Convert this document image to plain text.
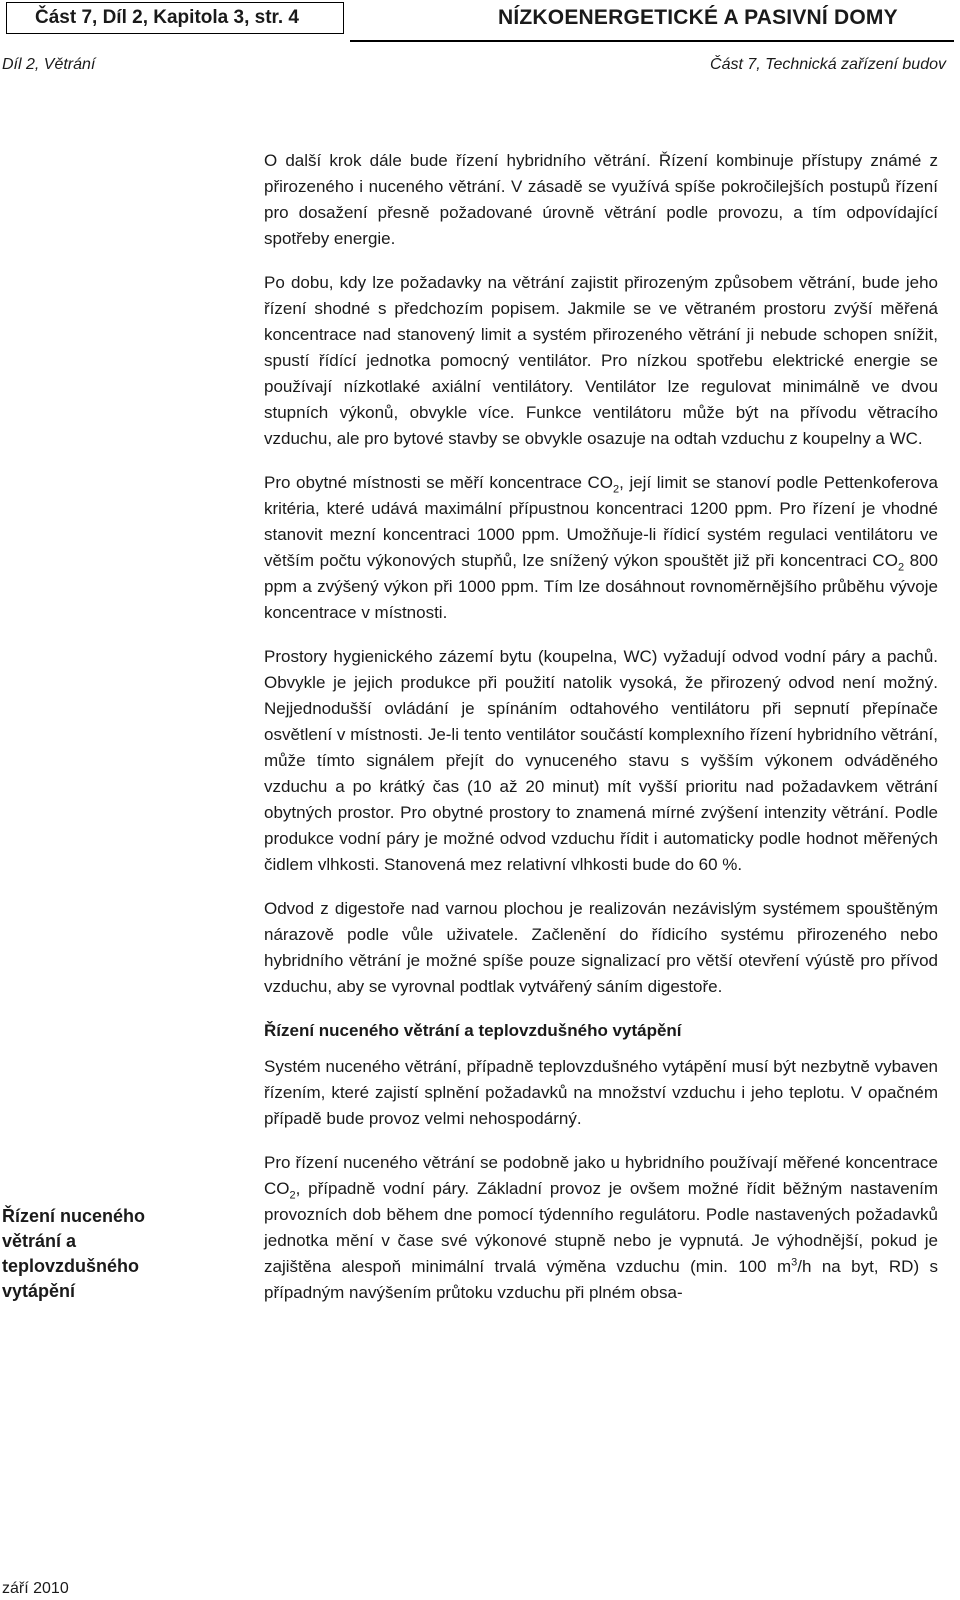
Část 7, Díl 2, Kapitola 3, str. 4	NÍZKOENERGETICKÉ A PASIVNÍ DOMY
Díl 2, Větrání	Část 7, Technická zařízení budov

O další krok dále bude řízení hybridního větrání. Řízení kombinuje přístupy známé z přirozeného i nuceného větrání. V zásadě se využívá spíše pokročilejších postupů řízení pro dosažení přesně požadované úrovně větrání podle provozu, a tím odpovídající spotřeby energie.

Po dobu, kdy lze požadavky na větrání zajistit přirozeným způsobem větrání, bude jeho řízení shodné s předchozím popisem. Jakmile se ve větraném prostoru zvýší měřená koncentrace nad stanovený limit a systém přirozeného větrání ji nebude schopen snížit, spustí řídící jednotka pomocný ventilátor. Pro nízkou spotřebu elektrické energie se používají nízkotlaké axiální ventilátory. Ventilátor lze regulovat minimálně ve dvou stupních výkonů, obvykle více. Funkce ventilátoru může být na přívodu větracího vzduchu, ale pro bytové stavby se obvykle osazuje na odtah vzduchu z koupelny a WC.

Pro obytné místnosti se měří koncentrace $CO_2$, její limit se stanoví podle Pettenkoferova kritéria, které udává maximální přípustnou koncentraci 1200 ppm. Pro řízení je vhodné stanovit mezní koncentraci 1000 ppm. Umožňuje-li řídicí systém regulaci ventilátoru ve větším počtu výkonových stupňů, lze snížený výkon spouštět již při koncentraci $CO_2$ 800 ppm a zvýšený výkon při 1000 ppm. Tím lze dosáhnout rovnoměrnějšího průběhu vývoje koncentrace v místnosti.

Prostory hygienického zázemí bytu (koupelna, WC) vyžadují odvod vodní páry a pachů. Obvykle je jejich produkce při použití natolik vysoká, že přirozený odvod není možný. Nejjednodušší ovládání je spínáním odtahového ventilátoru při sepnutí přepínače osvětlení v místnosti. Je-li tento ventilátor součástí komplexního řízení hybridního větrání, může tímto signálem přejít do vynuceného stavu s vyšším výkonem odváděného vzduchu a po krátký čas (10 až 20 minut) mít vyšší prioritu nad požadavkem větrání obytných prostor. Pro obytné prostory to znamená mírné zvýšení intenzity větrání. Podle produkce vodní páry je možné odvod vzduchu řídit i automaticky podle hodnot měřených čidlem vlhkosti. Stanovená mez relativní vlhkosti bude do 60 %.

Odvod z digestoře nad varnou plochou je realizován nezávislým systémem spouštěným nárazově podle vůle uživatele. Začlenění do řídicího systému přirozeného nebo hybridního větrání je možné spíše pouze signalizací pro větší otevření výústě pro přívod vzduchu, aby se vyrovnal podtlak vytvářený sáním digestoře.

Řízení nuceného větrání a teplovzdušného vytápění

Systém nuceného větrání, případně teplovzdušného vytápění musí být nezbytně vybaven řízením, které zajistí splnění požadavků na množství vzduchu i jeho teplotu. V opačném případě bude provoz velmi nehospodárný.

Pro řízení nuceného větrání se podobně jako u hybridního používají měřené koncentrace $CO_2$, případně vodní páry. Základní provoz je ovšem možné řídit běžným nastavením provozních dob během dne pomocí týdenního regulátoru. Podle nastavených požadavků jednotka mění v čase své výkonové stupně nebo je vypnutá. Je výhodnější, pokud je zajištěna alespoň minimální trvalá výměna vzduchu (min. 100 $m^3/h$ na byt, RD) s případným navýšením průtoku vzduchu při plném obsa-

Řízení nuceného větrání a teplovzdušného vytápění
září 2010
